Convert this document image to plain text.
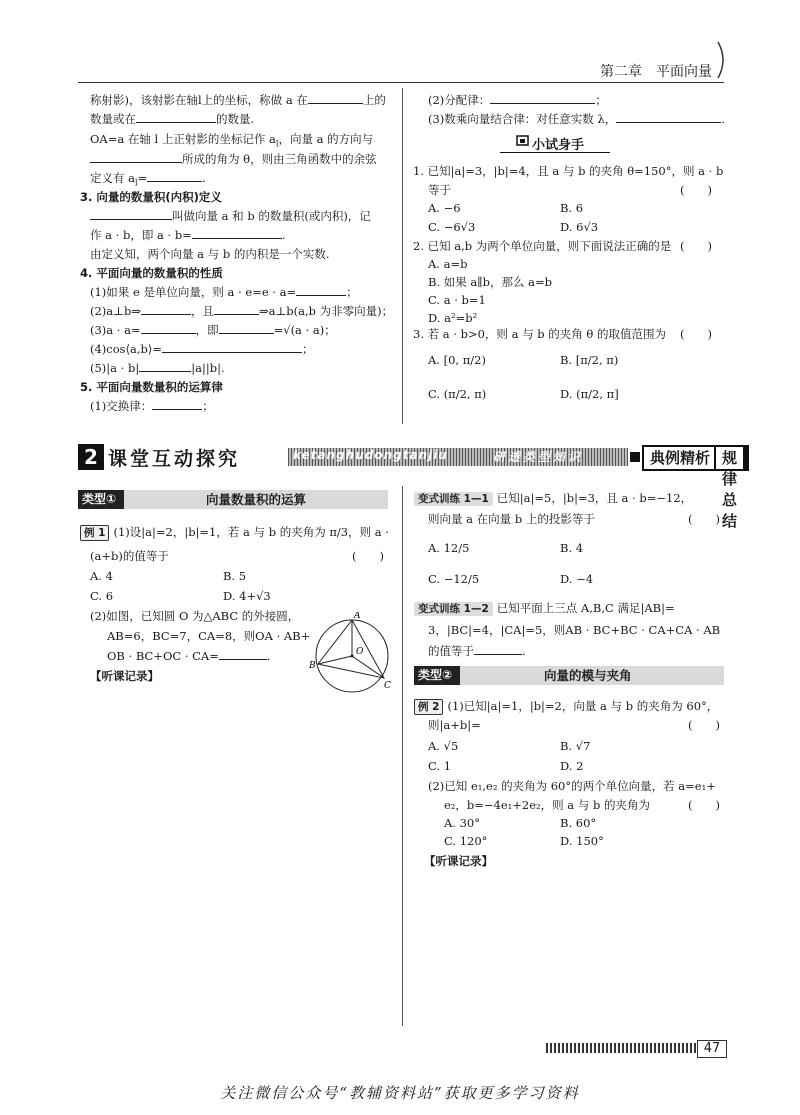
第二章　平面向量
称射影)，该射影在轴l上的坐标，称做 a 在	上的
数量或在	的数量.
OA=a 在轴 l 上正射影的坐标记作 $a_l$，向量 a 的方向与
所成的角为 θ，则由三角函数中的余弦
定义有 $a_l=$	.
3. 向量的数量积(内积)定义
叫做向量 a 和 b 的数量积(或内积)，记
作 a · b，即 a · b=	.
由定义知，两个向量 a 与 b 的内积是一个实数.
4. 平面向量的数量积的性质
(1)如果 e 是单位向量，则 a · e=e · a=	；
(2)a⊥b⇒	，且	⇒a⊥b(a,b 为非零向量)；
(3)a · a=	，即	=√(a · a)；
(4)cos⟨a,b⟩=	；
(5)|a · b|	|a||b|.
5. 平面向量数量积的运算律
(1)交换律：	；
(2)分配律：	；
(3)数乘向量结合律：对任意实数 λ，	.
小试身手
1. 已知|a|=3，|b|=4，且 a 与 b 的夹角 θ=150°，则 a · b
等于	(　　)
A. −6	B. 6
C. −6√3	D. 6√3
2. 已知 a,b 为两个单位向量，则下面说法正确的是 (　　)
A. a=b
B. 如果 a∥b，那么 a=b
C. a · b=1
D. a²=b²
3. 若 a · b>0，则 a 与 b 的夹角 θ 的取值范围为 (　　)
A. [0, π/2)	B. [π/2, π)
C. (π/2, π)	D. (π/2, π]
2 课堂互动探究	ketanghudongtanjiu	研透类型知识	典例精析 规律总结
类型①	向量数量积的运算
例 1 (1)设|a|=2，|b|=1，若 a 与 b 的夹角为 π/3，则 a ·
(a+b)的值等于	(　　)
A. 4	B. 5
C. 6	D. 4+√3
(2)如图，已知圆 O 为△ABC 的外接圆，
AB=6，BC=7，CA=8，则OA · AB+
OB · BC+OC · CA=	.
【听课记录】
A
B
C
O
变式训练 1—1 已知|a|=5，|b|=3，且 a · b=−12，
则向量 a 在向量 b 上的投影等于	(　　)
A. 12/5	B. 4
C. −12/5	D. −4
变式训练 1—2 已知平面上三点 A,B,C 满足|AB|=
3，|BC|=4，|CA|=5，则AB · BC+BC · CA+CA · AB
的值等于	.
类型②	向量的模与夹角
例 2 (1)已知|a|=1，|b|=2，向量 a 与 b 的夹角为 60°，
则|a+b|=	(　　)
A. √5	B. √7
C. 1	D. 2
(2)已知 e₁,e₂ 的夹角为 60°的两个单位向量，若 a=e₁+
e₂，b=−4e₁+2e₂，则 a 与 b 的夹角为	(　　)
A. 30°	B. 60°
C. 120°	D. 150°
【听课记录】
47
关注微信公众号“教辅资料站”获取更多学习资料
